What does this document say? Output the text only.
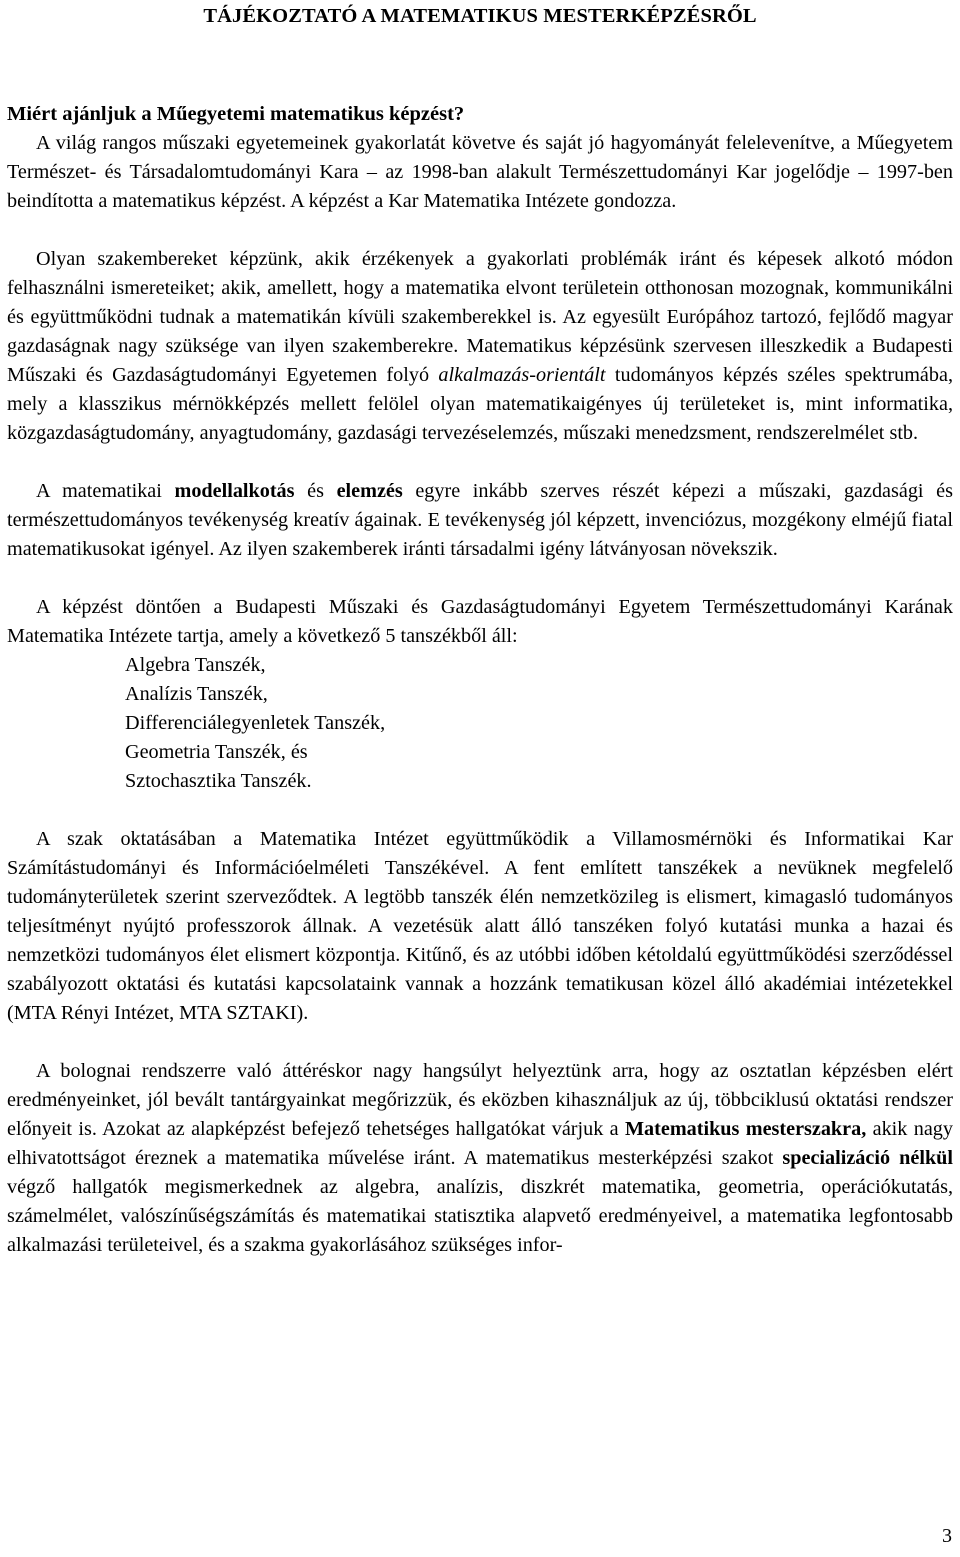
TÁJÉKOZTATÓ A MATEMATIKUS MESTERKÉPZÉSRŐL
Miért ajánljuk a Műegyetemi matematikus képzést?

A világ rangos műszaki egyetemeinek gyakorlatát követve és saját jó hagyományát felelevenítve, a Műegyetem Természet- és Társadalomtudományi Kara – az 1998-ban alakult Természettudományi Kar jogelődje – 1997-ben beindította a matematikus képzést. A képzést a Kar Matematika Intézete gondozza.

Olyan szakembereket képzünk, akik érzékenyek a gyakorlati problémák iránt és képesek alkotó módon felhasználni ismereteiket; akik, amellett, hogy a matematika elvont területein otthonosan mozognak, kommunikálni és együttműködni tudnak a matematikán kívüli szakemberekkel is. Az egyesült Európához tartozó, fejlődő magyar gazdaságnak nagy szüksége van ilyen szakemberekre. Matematikus képzésünk szervesen illeszkedik a Budapesti Műszaki és Gazdaságtudományi Egyetemen folyó alkalmazás-orientált tudományos képzés széles spektrumába, mely a klasszikus mérnökképzés mellett felölel olyan matematikaigényes új területeket is, mint informatika, közgazdaságtudomány, anyagtudomány, gazdasági tervezéselemzés, műszaki menedzsment, rendszerelmélet stb.

A matematikai modellalkotás és elemzés egyre inkább szerves részét képezi a műszaki, gazdasági és természettudományos tevékenység kreatív ágainak. E tevékenység jól képzett, invenciózus, mozgékony elméjű fiatal matematikusokat igényel. Az ilyen szakemberek iránti társadalmi igény látványosan növekszik.

A képzést döntően a Budapesti Műszaki és Gazdaságtudományi Egyetem Természettudományi Karának Matematika Intézete tartja, amely a következő 5 tanszékből áll:

Algebra Tanszék,
Analízis Tanszék,
Differenciálegyenletek Tanszék,
Geometria Tanszék, és
Sztochasztika Tanszék.

A szak oktatásában a Matematika Intézet együttműködik a Villamosmérnöki és Informatikai Kar Számítástudományi és Információelméleti Tanszékével. A fent említett tanszékek a nevüknek megfelelő tudományterületek szerint szerveződtek. A legtöbb tanszék élén nemzetközileg is elismert, kimagasló tudományos teljesítményt nyújtó professzorok állnak. A vezetésük alatt álló tanszéken folyó kutatási munka a hazai és nemzetközi tudományos élet elismert központja. Kitűnő, és az utóbbi időben kétoldalú együttműködési szerződéssel szabályozott oktatási és kutatási kapcsolataink vannak a hozzánk tematikusan közel álló akadémiai intézetekkel (MTA Rényi Intézet, MTA SZTAKI).

A bolognai rendszerre való áttéréskor nagy hangsúlyt helyeztünk arra, hogy az osztatlan képzésben elért eredményeinket, jól bevált tantárgyainkat megőrizzük, és eközben kihasználjuk az új, többciklusú oktatási rendszer előnyeit is. Azokat az alapképzést befejező tehetséges hallgatókat várjuk a Matematikus mesterszakra, akik nagy elhivatottságot éreznek a matematika művelése iránt. A matematikus mesterképzési szakot specializáció nélkül végző hallgatók megismerkednek az algebra, analízis, diszkrét matematika, geometria, operációkutatás, számelmélet, valószínűségszámítás és matematikai statisztika alapvető eredményeivel, a matematika legfontosabb alkalmazási területeivel, és a szakma gyakorlásához szükséges infor-

3
